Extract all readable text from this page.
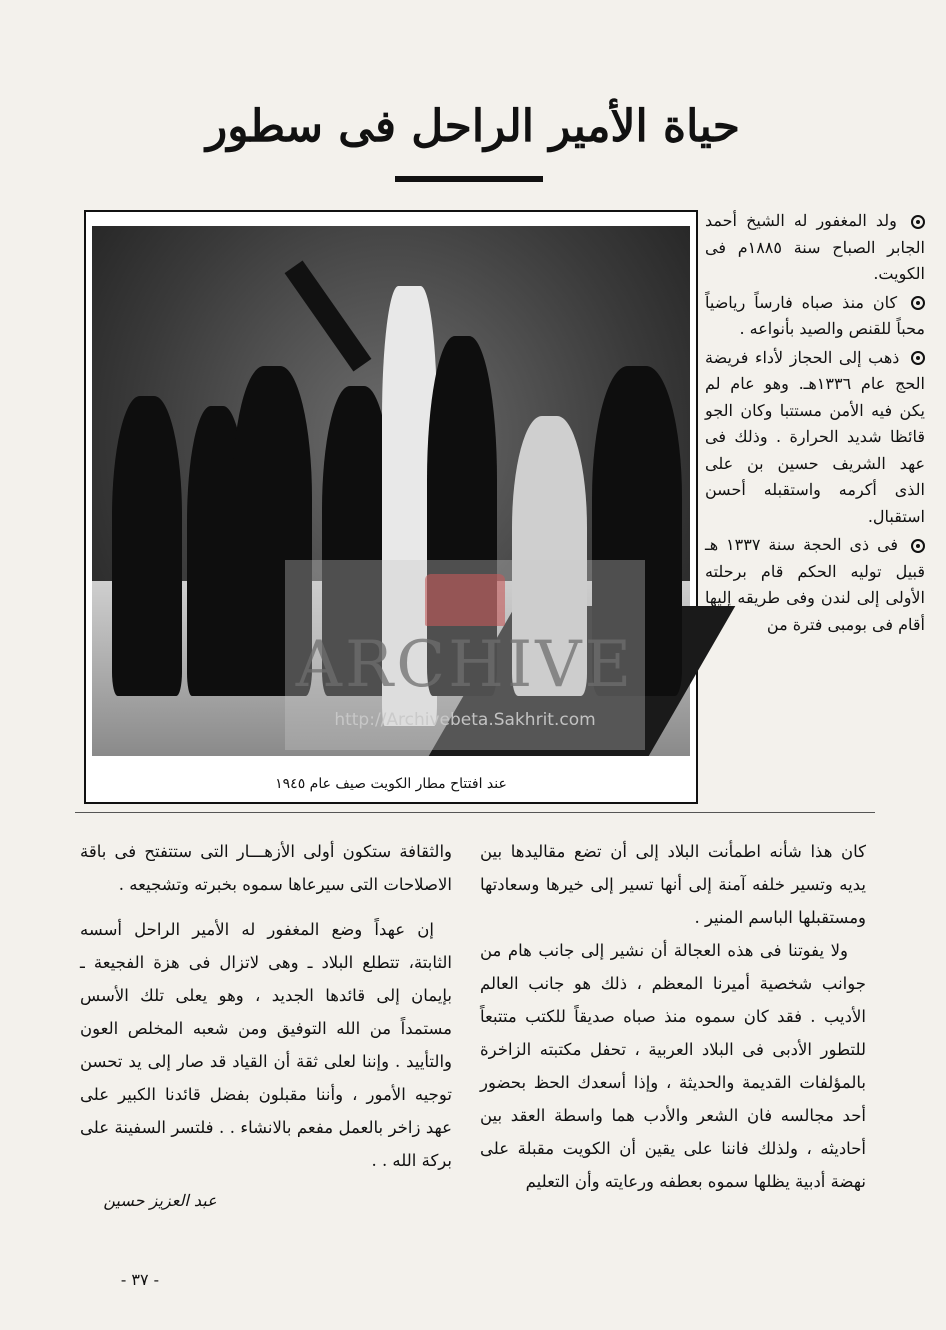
حياة الأمير الراحل فى سطور
عند افتتاح مطار الكويت صيف عام ١٩٤٥
ولد المغفور له الشيخ أحمد الجابر الصباح سنة ١٨٨٥م فى الكويت.
كان منذ صباه فارساً رياضياً محباً للقنص والصيد بأنواعه .
ذهب إلى الحجاز لأداء فريضة الحج عام ١٣٣٦هـ. وهو عام لم يكن فيه الأمن مستتبا وكان الجو قائظا شديد الحرارة . وذلك فى عهد الشريف حسين بن على الذى أكرمه واستقبله أحسن استقبال.
فى ذى الحجة سنة ١٣٣٧ هـ قبيل توليه الحكم قام برحلته الأولى إلى لندن وفى طريقه إليها أقام فى بومبى فترة من

كان هذا شأنه اطمأنت البلاد إلى أن تضع مقاليدها بين يديه وتسير خلفه آمنة إلى أنها تسير إلى خيرها وسعادتها ومستقبلها الباسم المنير .

ولا يفوتنا فى هذه العجالة أن نشير إلى جانب هام من جوانب شخصية أميرنا المعظم ، ذلك هو جانب العالم الأديب . فقد كان سموه منذ صباه صديقاً للكتب متتبعاً للتطور الأدبى فى البلاد العربية ، تحفل مكتبته الزاخرة بالمؤلفات القديمة والحديثة ، وإذا أسعدك الحظ بحضور أحد مجالسه فان الشعر والأدب هما واسطة العقد بين أحاديثه ، ولذلك فاننا على يقين أن الكويت مقبلة على نهضة أدبية يظلها سموه بعطفه ورعايته وأن التعليم

والثقافة ستكون أولى الأزهـــار التى ستتفتح فى باقة الاصلاحات التى سيرعاها سموه بخبرته وتشجيعه .

إن عهداً وضع المغفور له الأمير الراحل أسسه الثابتة، تتطلع البلاد ـ وهى لاتزال فى هزة الفجيعة ـ بإيمان إلى قائدها الجديد ، وهو يعلى تلك الأسس مستمداً من الله التوفيق ومن شعبه المخلص العون والتأييد . وإننا لعلى ثقة أن القياد قد صار إلى يد تحسن توجيه الأمور ، وأننا مقبلون بفضل قائدنا الكبير على عهد زاخر بالعمل مفعم بالانشاء . . فلتسر السفينة على بركة الله . .

عبد العزيز حسين
- ٣٧ -
ARCHIVE
http://Archivebeta.Sakhrit.com
